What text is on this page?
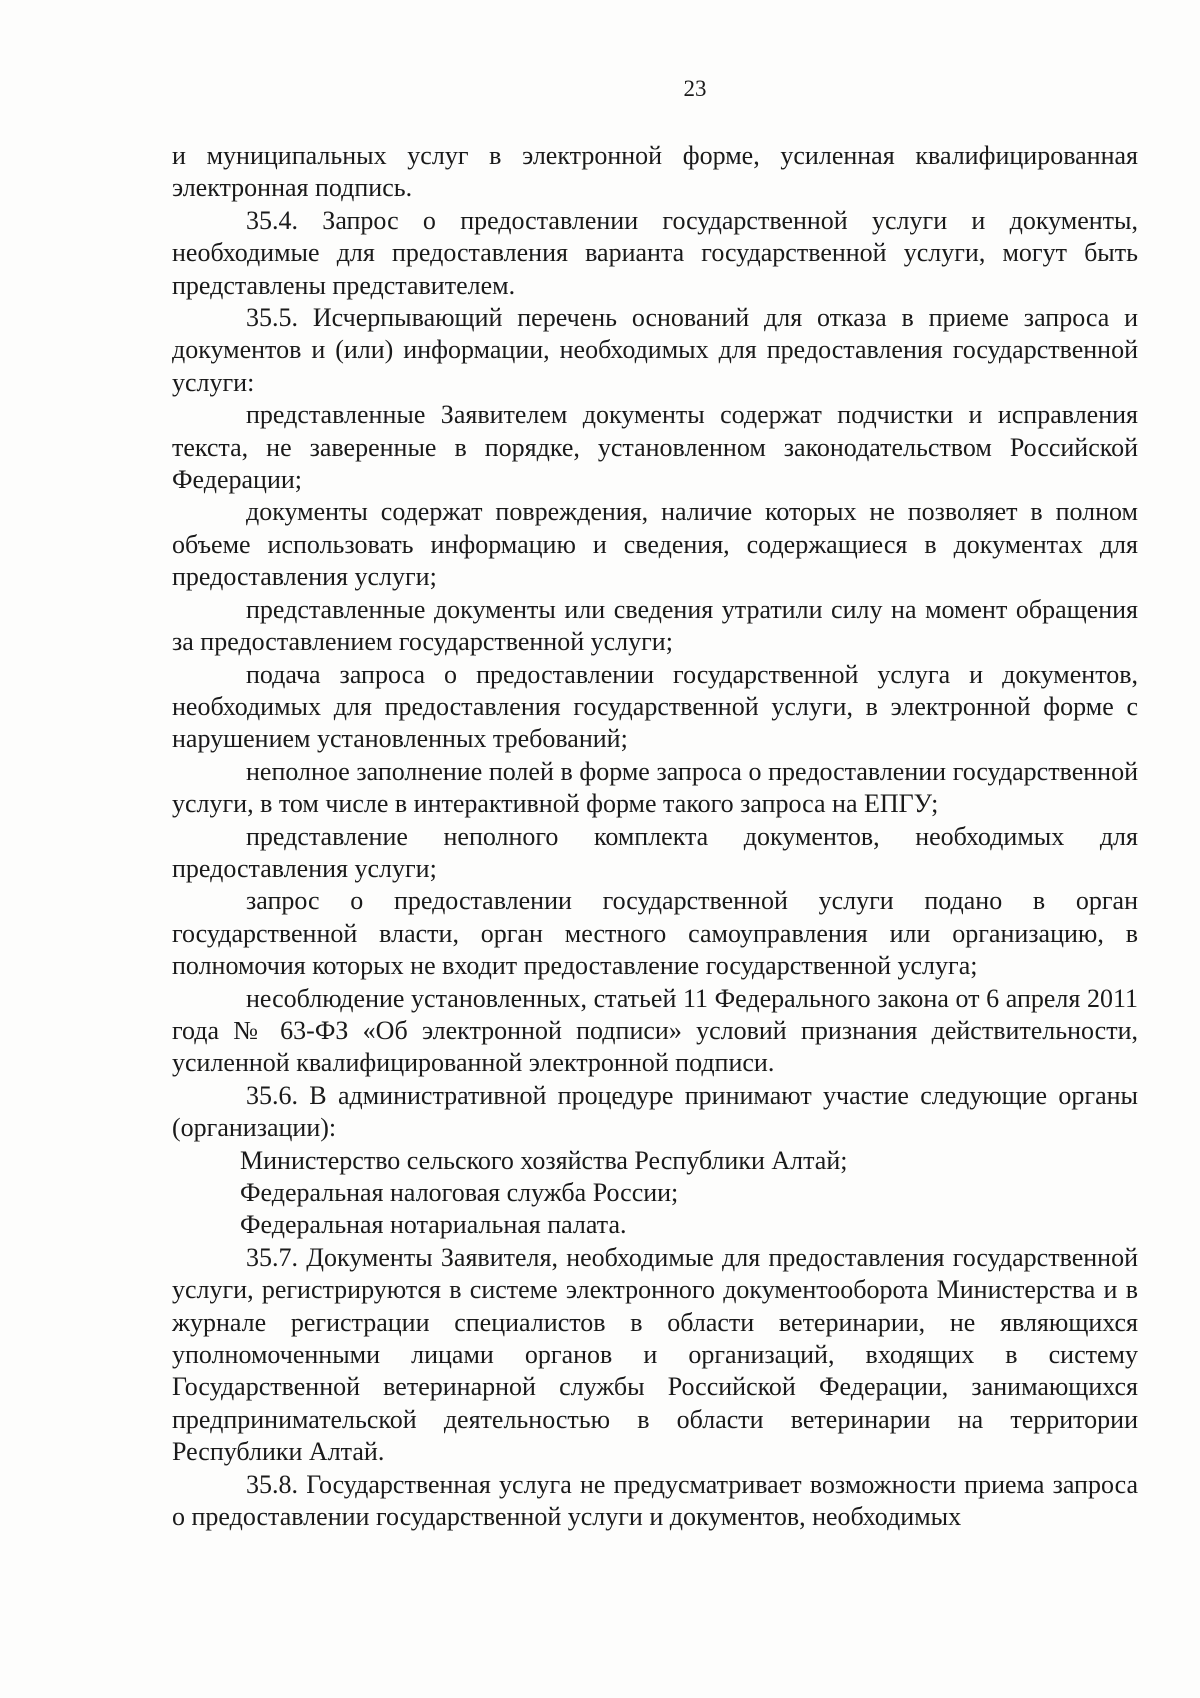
23

и муниципальных услуг в электронной форме, усиленная квалифицированная электронная подпись.

35.4. Запрос о предоставлении государственной услуги и документы, необходимые для предоставления варианта государственной услуги, могут быть представлены представителем.

35.5. Исчерпывающий перечень оснований для отказа в приеме запроса и документов и (или) информации, необходимых для предоставления государственной услуги:

представленные Заявителем документы содержат подчистки и исправления текста, не заверенные в порядке, установленном законодательством Российской Федерации;

документы содержат повреждения, наличие которых не позволяет в полном объеме использовать информацию и сведения, содержащиеся в документах для предоставления услуги;

представленные документы или сведения утратили силу на момент обращения за предоставлением государственной услуги;

подача запроса о предоставлении государственной услуга и документов, необходимых для предоставления государственной услуги, в электронной форме с нарушением установленных требований;

неполное заполнение полей в форме запроса о предоставлении государственной услуги, в том числе в интерактивной форме такого запроса на ЕПГУ;

представление неполного комплекта документов, необходимых для предоставления услуги;

запрос о предоставлении государственной услуги подано в орган государственной власти, орган местного самоуправления или организацию, в полномочия которых не входит предоставление государственной услуга;

несоблюдение установленных, статьей 11 Федерального закона от 6 апреля 2011 года № 63-ФЗ «Об электронной подписи» условий признания действительности, усиленной квалифицированной электронной подписи.

35.6. В административной процедуре принимают участие следующие органы (организации):

Министерство сельского хозяйства Республики Алтай;

Федеральная налоговая служба России;

Федеральная нотариальная палата.

35.7. Документы Заявителя, необходимые для предоставления государственной услуги, регистрируются в системе электронного документооборота Министерства и в журнале регистрации специалистов в области ветеринарии, не являющихся уполномоченными лицами органов и организаций, входящих в систему Государственной ветеринарной службы Российской Федерации, занимающихся предпринимательской деятельностью в области ветеринарии на территории Республики Алтай.

35.8. Государственная услуга не предусматривает возможности приема запроса о предоставлении государственной услуги и документов, необходимых
